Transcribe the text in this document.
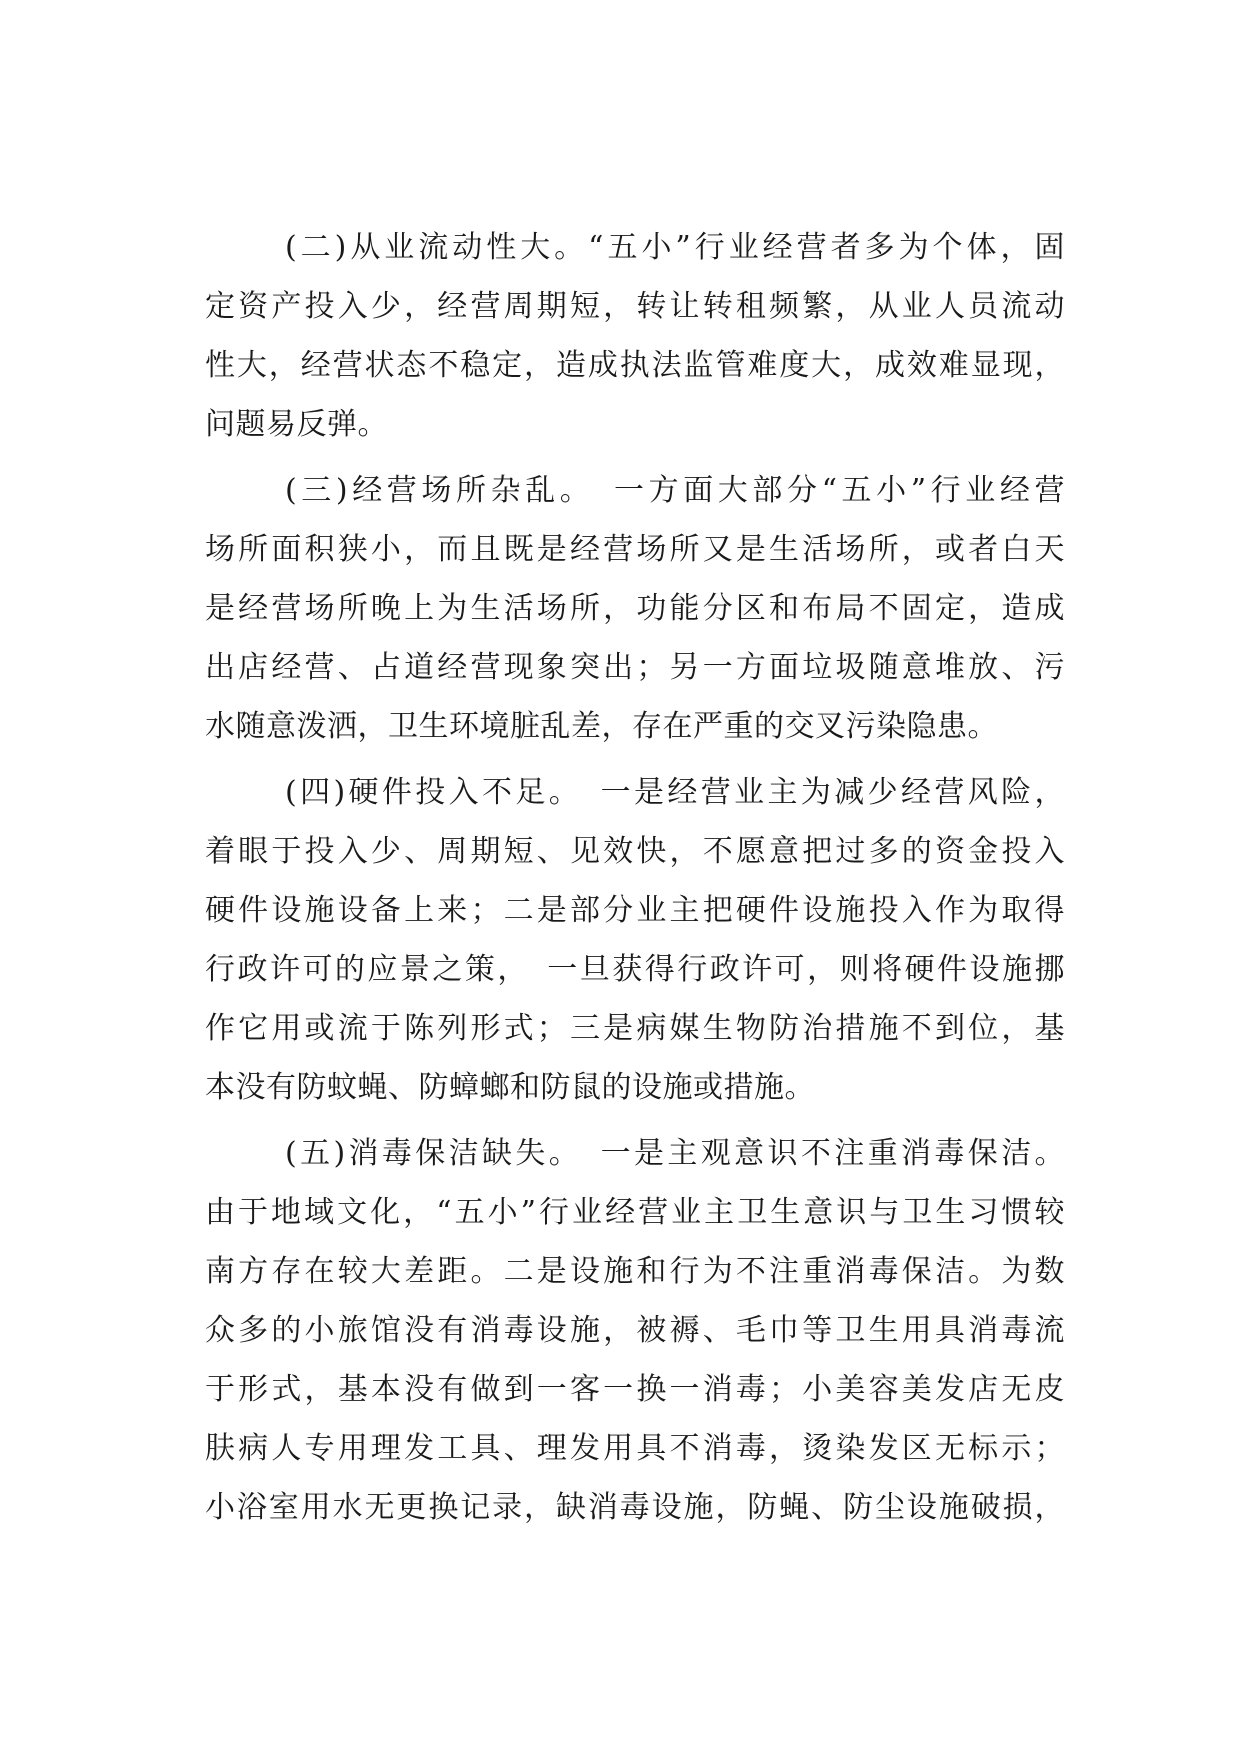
(二)从业流动性大。“五小”行业经营者多为个体，固
定资产投入少，经营周期短，转让转租频繁，从业人员流动
性大，经营状态不稳定，造成执法监管难度大，成效难显现，
问题易反弹。
(三)经营场所杂乱。　一方面大部分“五小”行业经营
场所面积狭小，而且既是经营场所又是生活场所，或者白天
是经营场所晚上为生活场所，功能分区和布局不固定，造成
出店经营、占道经营现象突出；另一方面垃圾随意堆放、污
水随意泼洒，卫生环境脏乱差，存在严重的交叉污染隐患。
(四)硬件投入不足。　一是经营业主为减少经营风险，
着眼于投入少、周期短、见效快，不愿意把过多的资金投入
硬件设施设备上来；二是部分业主把硬件设施投入作为取得
行政许可的应景之策，　一旦获得行政许可，则将硬件设施挪
作它用或流于陈列形式；三是病媒生物防治措施不到位，基
本没有防蚊蝇、防蟑螂和防鼠的设施或措施。
(五)消毒保洁缺失。　一是主观意识不注重消毒保洁。
由于地域文化，“五小”行业经营业主卫生意识与卫生习惯较
南方存在较大差距。二是设施和行为不注重消毒保洁。为数
众多的小旅馆没有消毒设施，被褥、毛巾等卫生用具消毒流
于形式，基本没有做到一客一换一消毒；小美容美发店无皮
肤病人专用理发工具、理发用具不消毒，烫染发区无标示；
小浴室用水无更换记录，缺消毒设施，防蝇、防尘设施破损，
